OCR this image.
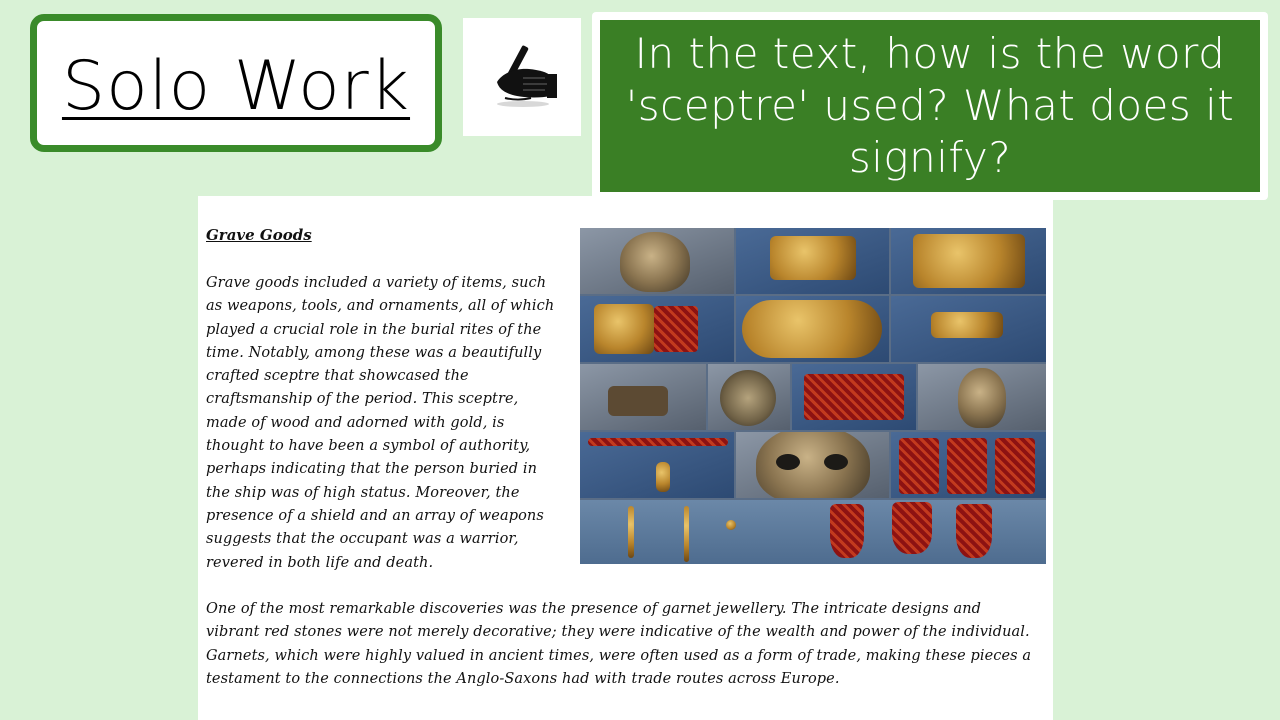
Solo Work	In the text, how is the word 'sceptre' used? What does it signify?
Grave Goods
Grave goods included a variety of items, such as weapons, tools, and ornaments, all of which played a crucial role in the burial rites of the time. Notably, among these was a beautifully crafted sceptre that showcased the craftsmanship of the period. This sceptre, made of wood and adorned with gold, is thought to have been a symbol of authority, perhaps indicating that the person buried in the ship was of high status. Moreover, the presence of a shield and an array of weapons suggests that the occupant was a warrior, revered in both life and death.
One of the most remarkable discoveries was the presence of garnet jewellery. The intricate designs and vibrant red stones were not merely decorative; they were indicative of the wealth and power of the individual. Garnets, which were highly valued in ancient times, were often used as a form of trade, making these pieces a testament to the connections the Anglo-Saxons had with trade routes across Europe.
